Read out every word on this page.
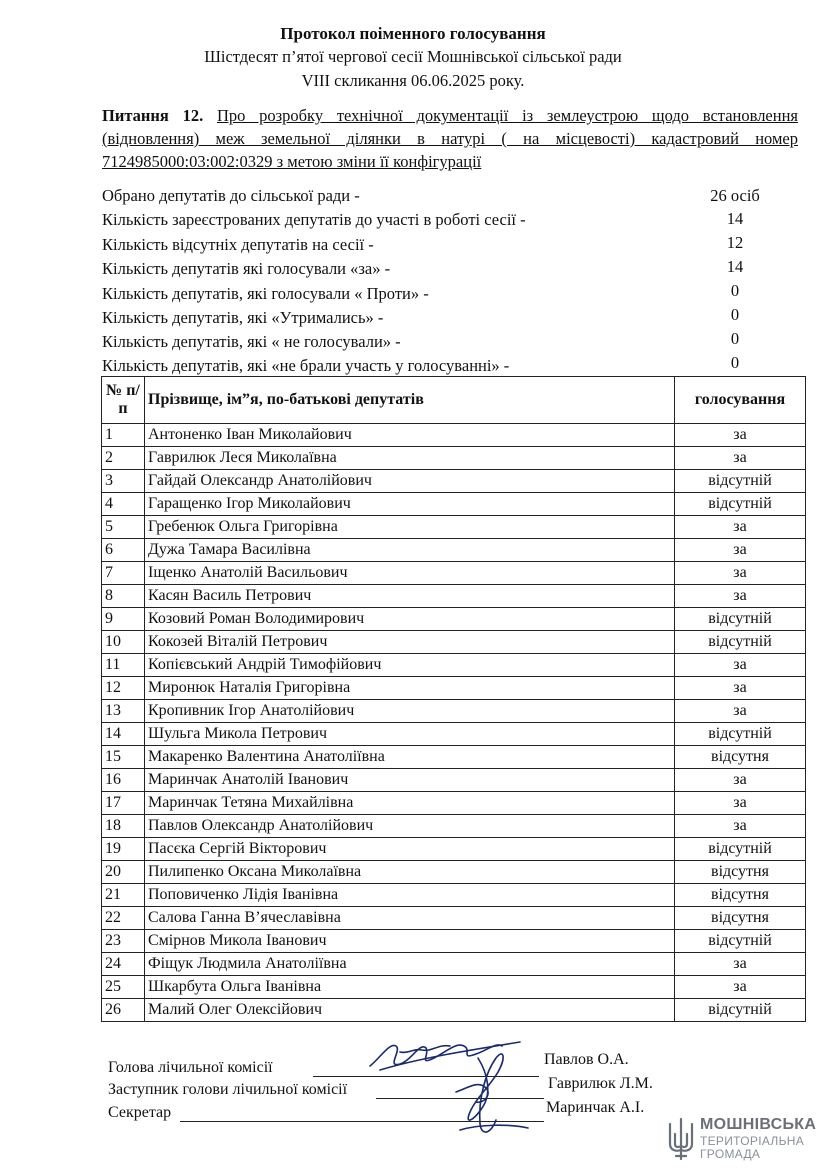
Протокол поіменного голосування
Шістдесят п’ятої чергової сесії Мошнівської сільської ради
VIII скликання 06.06.2025 року.
Питання 12. Про розробку технічної документації із землеустрою щодо встановлення (відновлення) меж земельної ділянки в натурі ( на місцевості) кадастровий номер 7124985000:03:002:0329 з метою зміни її конфігурації
Обрано депутатів до сільської ради -	26 осіб
Кількість зареєстрованих депутатів до участі в роботі сесії -	14
Кількість відсутніх депутатів на сесії -	12
Кількість депутатів які голосували «за» -	14
Кількість депутатів, які голосували « Проти» -	0
Кількість депутатів, які «Утримались» -	0
Кількість депутатів, які « не голосували» -	0
Кількість депутатів, які «не брали участь у голосуванні» -	0
№ п/п	Прізвище, ім”я, по-батькові депутатів	голосування
1	Антоненко Іван Миколайович	за
2	Гаврилюк Леся Миколаївна	за
3	Гайдай Олександр Анатолійович	відсутній
4	Гаращенко Ігор Миколайович	відсутній
5	Гребенюк Ольга Григорівна	за
6	Дужа Тамара Василівна	за
7	Іщенко Анатолій Васильович	за
8	Касян Василь Петрович	за
9	Козовий Роман Володимирович	відсутній
10	Кокозей Віталій Петрович	відсутній
11	Копієвський Андрій Тимофійович	за
12	Миронюк Наталія Григорівна	за
13	Кропивник Ігор Анатолійович	за
14	Шульга Микола Петрович	відсутній
15	Макаренко Валентина Анатоліївна	відсутня
16	Маринчак Анатолій Іванович	за
17	Маринчак Тетяна Михайлівна	за
18	Павлов Олександр Анатолійович	за
19	Пасєка Сергій Вікторович	відсутній
20	Пилипенко Оксана Миколаївна	відсутня
21	Поповиченко Лідія Іванівна	відсутня
22	Салова Ганна В’ячеславівна	відсутня
23	Смірнов Микола Іванович	відсутній
24	Фіщук Людмила Анатоліївна	за
25	Шкарбута Ольга Іванівна	за
26	Малий Олег Олексійович	відсутній
Голова лічильної комісії	Павлов О.А.
Заступник голови лічильної комісії	Гаврилюк Л.М.
Секретар	Маринчак А.І.
МОШНІВСЬКА
ТЕРИТОРІАЛЬНА
ГРОМАДА
